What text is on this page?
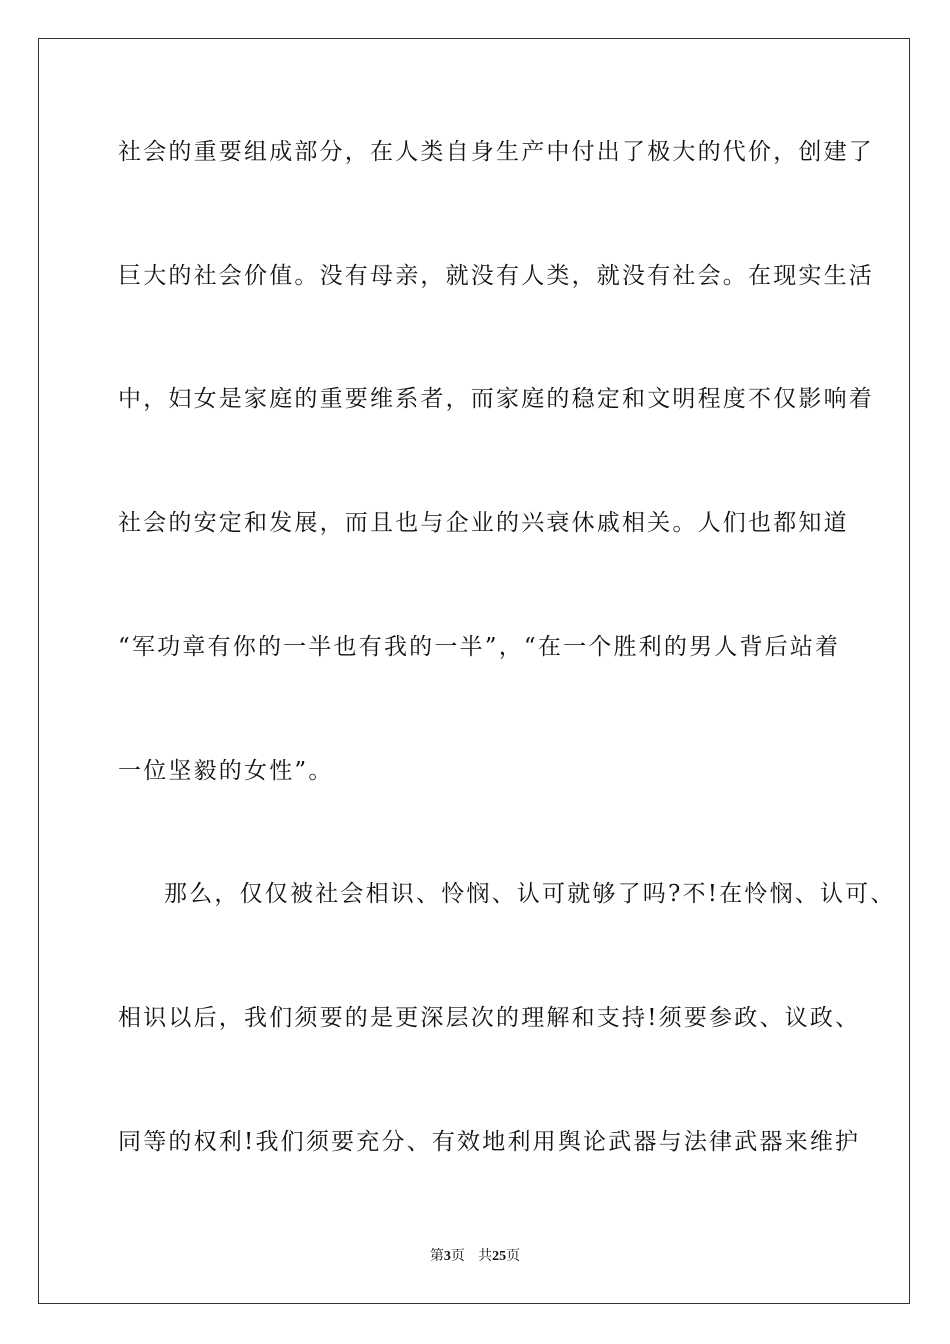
社会的重要组成部分，在人类自身生产中付出了极大的代价，创建了
巨大的社会价值。没有母亲，就没有人类，就没有社会。在现实生活
中，妇女是家庭的重要维系者，而家庭的稳定和文明程度不仅影响着
社会的安定和发展，而且也与企业的兴衰休戚相关。人们也都知道
“军功章有你的一半也有我的一半”，“在一个胜利的男人背后站着
一位坚毅的女性”。
那么，仅仅被社会相识、怜悯、认可就够了吗?不!在怜悯、认可、
相识以后，我们须要的是更深层次的理解和支持!须要参政、议政、
同等的权利!我们须要充分、有效地利用舆论武器与法律武器来维护
第3页 共25页
